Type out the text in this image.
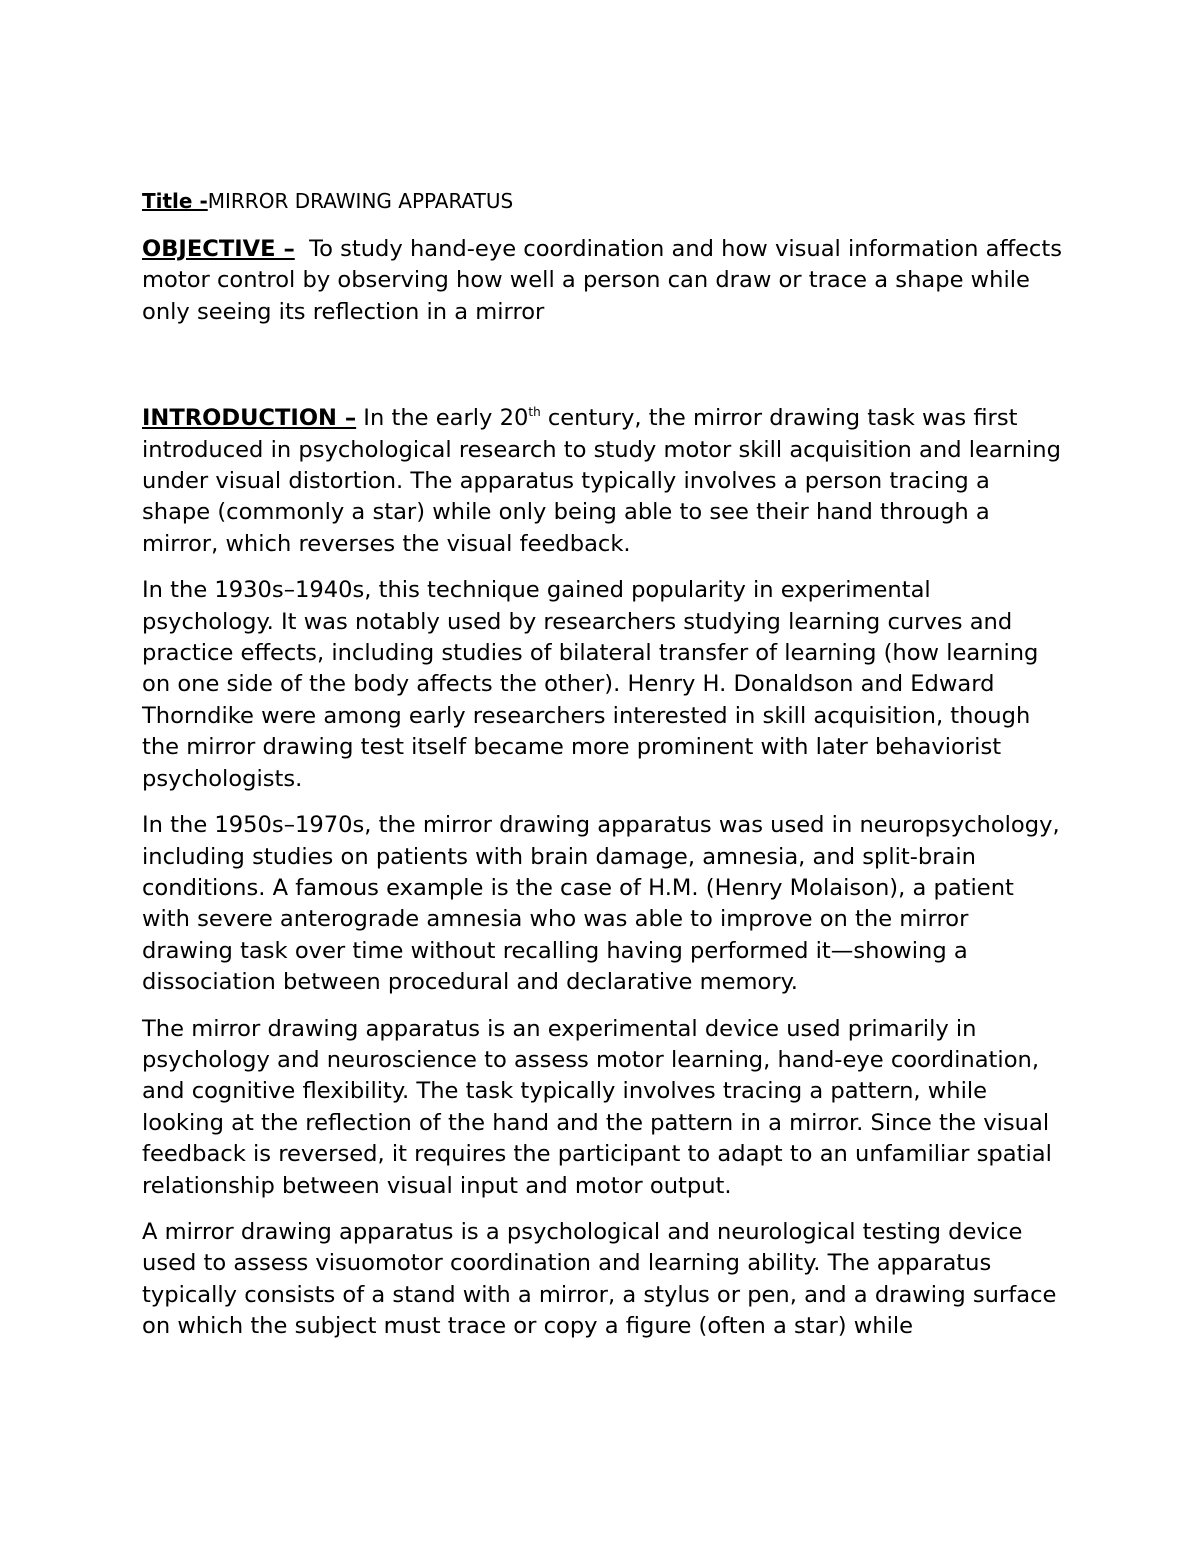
Title -MIRROR DRAWING APPARATUS

OBJECTIVE –  To study hand-eye coordination and how visual information affects motor control by observing how well a person can draw or trace a shape while only seeing its reflection in a mirror

INTRODUCTION – In the early 20th century, the mirror drawing task was first introduced in psychological research to study motor skill acquisition and learning under visual distortion. The apparatus typically involves a person tracing a shape (commonly a star) while only being able to see their hand through a mirror, which reverses the visual feedback.

In the 1930s–1940s, this technique gained popularity in experimental psychology. It was notably used by researchers studying learning curves and practice effects, including studies of bilateral transfer of learning (how learning on one side of the body affects the other). Henry H. Donaldson and Edward Thorndike were among early researchers interested in skill acquisition, though the mirror drawing test itself became more prominent with later behaviorist psychologists.

In the 1950s–1970s, the mirror drawing apparatus was used in neuropsychology, including studies on patients with brain damage, amnesia, and split-brain conditions. A famous example is the case of H.M. (Henry Molaison), a patient with severe anterograde amnesia who was able to improve on the mirror drawing task over time without recalling having performed it—showing a dissociation between procedural and declarative memory.

The mirror drawing apparatus is an experimental device used primarily in psychology and neuroscience to assess motor learning, hand-eye coordination, and cognitive flexibility. The task typically involves tracing a pattern, while looking at the reflection of the hand and the pattern in a mirror. Since the visual feedback is reversed, it requires the participant to adapt to an unfamiliar spatial relationship between visual input and motor output.

A mirror drawing apparatus is a psychological and neurological testing device used to assess visuomotor coordination and learning ability. The apparatus typically consists of a stand with a mirror, a stylus or pen, and a drawing surface on which the subject must trace or copy a figure (often a star) while
